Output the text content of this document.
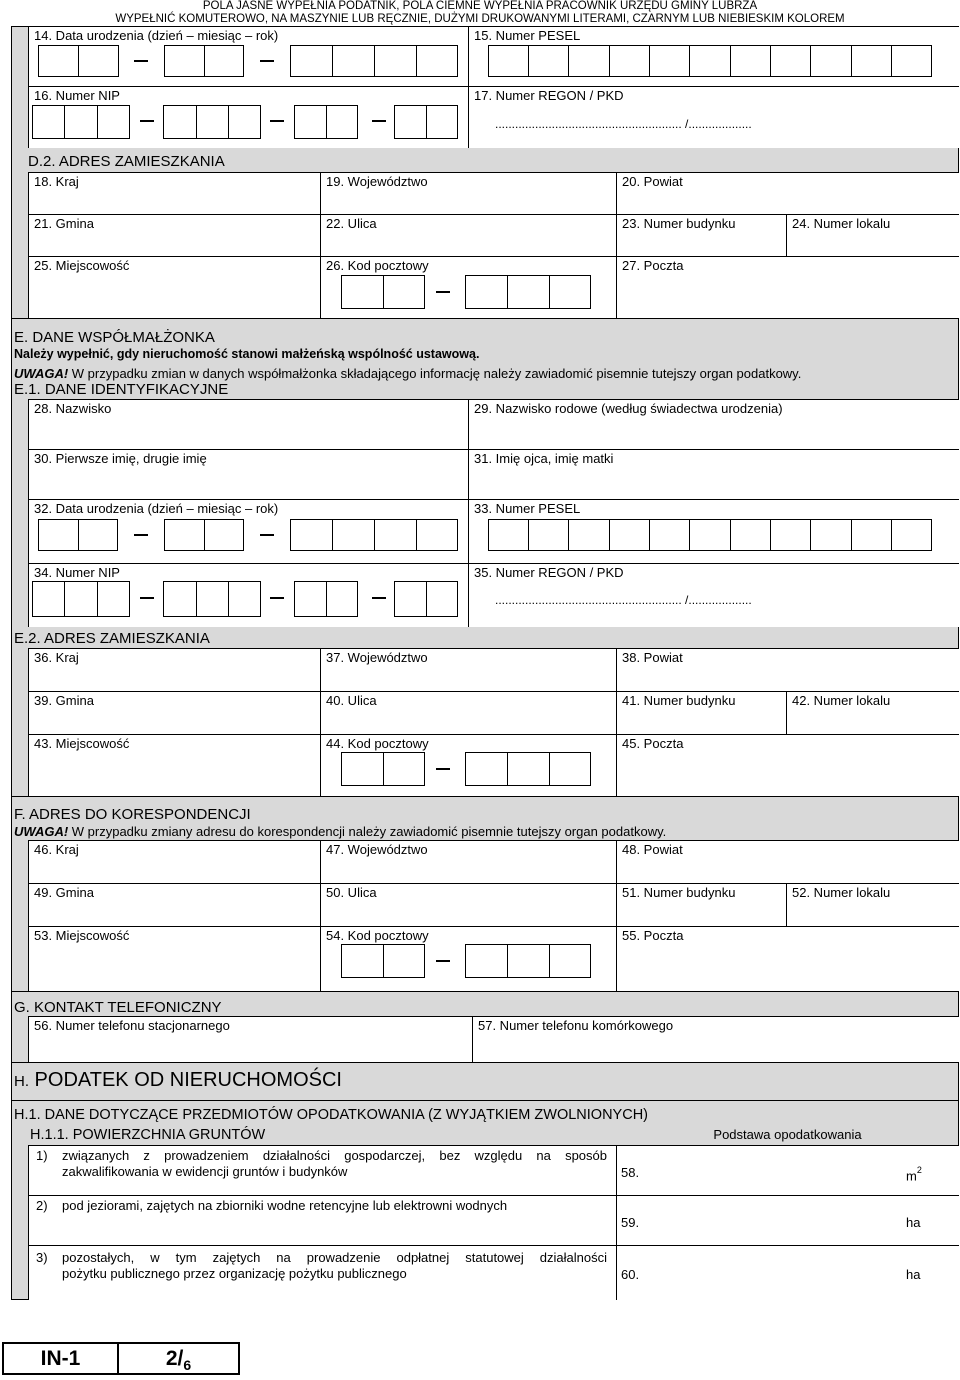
POLA JASNE WYPEŁNIA PODATNIK, POLA CIEMNE WYPEŁNIA PRACOWNIK URZĘDU GMINY LUBRZA
WYPEŁNIĆ KOMUTEROWO, NA MASZYNIE LUB RĘCZNIE, DUŻYMI DRUKOWANYMI LITERAMI, CZARNYM LUB NIEBIESKIM KOLOREM
14. Data urodzenia (dzień – miesiąc – rok)	15. Numer PESEL
16. Numer NIP	17. Numer REGON / PKD
........................................................ /...................
D.2. ADRES ZAMIESZKANIA
18. Kraj	19. Województwo	20. Powiat
21. Gmina	22. Ulica	23. Numer budynku	24. Numer lokalu
25. Miejscowość	26. Kod pocztowy	27. Poczta
E. DANE WSPÓŁMAŁŻONKA
Należy wypełnić, gdy nieruchomość stanowi małżeńską wspólność ustawową.
UWAGA! W przypadku zmian w danych współmałżonka składającego informację należy zawiadomić pisemnie tutejszy organ podatkowy.
E.1. DANE IDENTYFIKACYJNE
28. Nazwisko	29. Nazwisko rodowe (według świadectwa urodzenia)
30. Pierwsze imię, drugie imię	31. Imię ojca, imię matki
32. Data urodzenia (dzień – miesiąc – rok)	33. Numer PESEL
34. Numer NIP	35. Numer REGON / PKD
........................................................ /...................
E.2. ADRES ZAMIESZKANIA
36. Kraj	37. Województwo	38. Powiat
39. Gmina	40. Ulica	41. Numer budynku	42. Numer lokalu
43. Miejscowość	44. Kod pocztowy	45. Poczta
F. ADRES DO KORESPONDENCJI
UWAGA! W przypadku zmiany adresu do korespondencji należy zawiadomić pisemnie tutejszy organ podatkowy.
46. Kraj	47. Województwo	48. Powiat
49. Gmina	50. Ulica	51. Numer budynku	52. Numer lokalu
53. Miejscowość	54. Kod pocztowy	55. Poczta
G. KONTAKT TELEFONICZNY
56. Numer telefonu stacjonarnego	57. Numer telefonu komórkowego
H. PODATEK OD NIERUCHOMOŚCI
H.1. DANE DOTYCZĄCE PRZEDMIOTÓW OPODATKOWANIA (Z WYJĄTKIEM ZWOLNIONYCH)
H.1.1. POWIERZCHNIA GRUNTÓW	Podstawa opodatkowania
1) związanych z prowadzeniem działalności gospodarczej, bez względu na sposób
zakwalifikowania w ewidencji gruntów i budynków	58.	$m^2$
2) pod jeziorami, zajętych na zbiorniki wodne retencyjne lub elektrowni wodnych
59.	ha
3) pozostałych, w tym zajętych na prowadzenie odpłatnej statutowej działalności
pożytku publicznego przez organizację pożytku publicznego	60.	ha
IN-1	$2/_6$
